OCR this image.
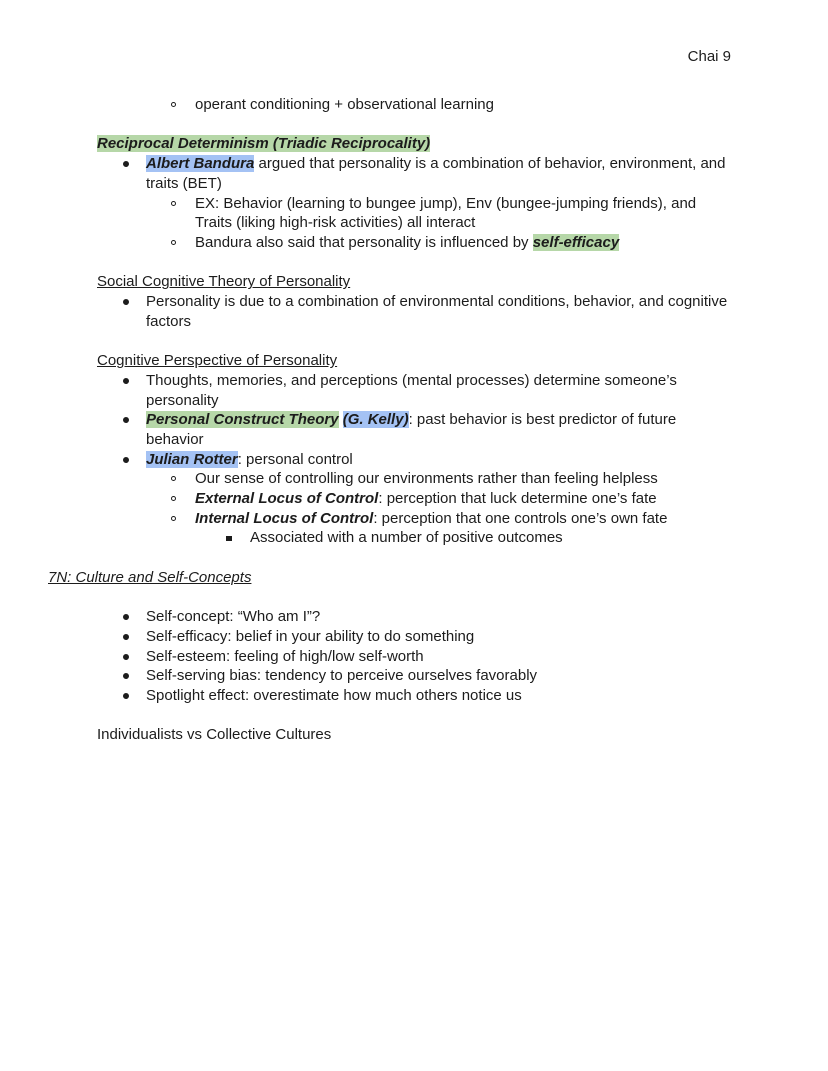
Chai 9
operant conditioning + observational learning
Reciprocal Determinism (Triadic Reciprocality)
Albert Bandura argued that personality is a combination of behavior, environment, and traits (BET)
EX: Behavior (learning to bungee jump), Env (bungee-jumping friends), and Traits (liking high-risk activities) all interact
Bandura also said that personality is influenced by self-efficacy
Social Cognitive Theory of Personality
Personality is due to a combination of environmental conditions, behavior, and cognitive factors
Cognitive Perspective of Personality
Thoughts, memories, and perceptions (mental processes) determine someone’s personality
Personal Construct Theory (G. Kelly): past behavior is best predictor of future behavior
Julian Rotter: personal control
Our sense of controlling our environments rather than feeling helpless
External Locus of Control: perception that luck determine one’s fate
Internal Locus of Control: perception that one controls one’s own fate
Associated with a number of positive outcomes
7N: Culture and Self-Concepts
Self-concept: “Who am I”?
Self-efficacy: belief in your ability to do something
Self-esteem: feeling of high/low self-worth
Self-serving bias: tendency to perceive ourselves favorably
Spotlight effect: overestimate how much others notice us
Individualists vs Collective Cultures
